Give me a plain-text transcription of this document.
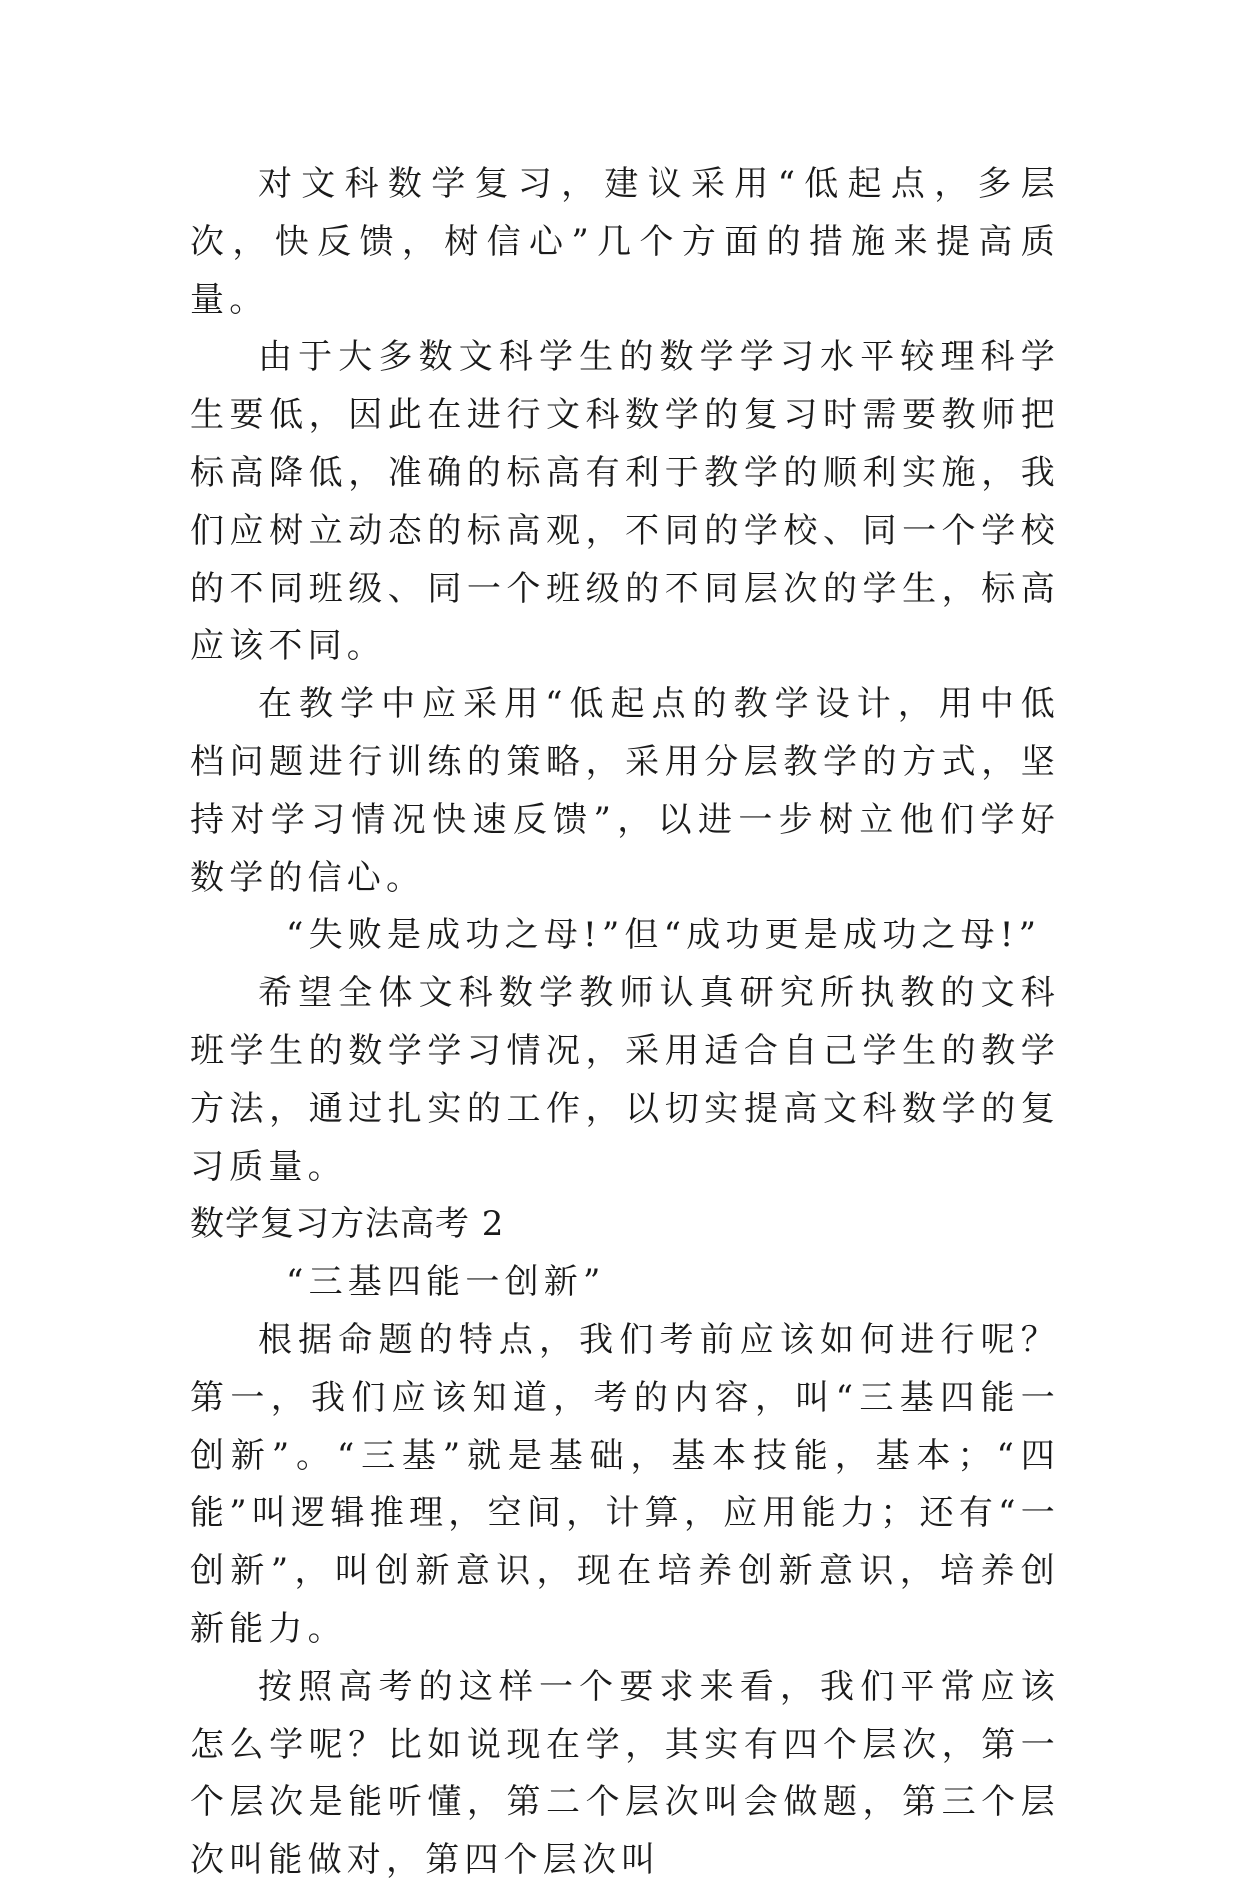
对文科数学复习，建议采用“低起点，多层次，快反馈，树信心”几个方面的措施来提高质量。

由于大多数文科学生的数学学习水平较理科学生要低，因此在进行文科数学的复习时需要教师把标高降低，准确的标高有利于教学的顺利实施，我们应树立动态的标高观，不同的学校、同一个学校的不同班级、同一个班级的不同层次的学生，标高应该不同。

在教学中应采用“低起点的教学设计，用中低档问题进行训练的策略，采用分层教学的方式，坚持对学习情况快速反馈”，以进一步树立他们学好数学的信心。

“失败是成功之母!”但“成功更是成功之母!”

希望全体文科数学教师认真研究所执教的文科班学生的数学学习情况，采用适合自己学生的教学方法，通过扎实的工作，以切实提高文科数学的复习质量。

数学复习方法高考 2

“三基四能一创新”

根据命题的特点，我们考前应该如何进行呢？第一，我们应该知道，考的内容，叫“三基四能一创新”。“三基”就是基础，基本技能，基本；“四能”叫逻辑推理，空间，计算，应用能力；还有“一创新”，叫创新意识，现在培养创新意识，培养创新能力。

按照高考的这样一个要求来看，我们平常应该怎么学呢？比如说现在学，其实有四个层次，第一个层次是能听懂，第二个层次叫会做题，第三个层次叫能做对，第四个层次叫
